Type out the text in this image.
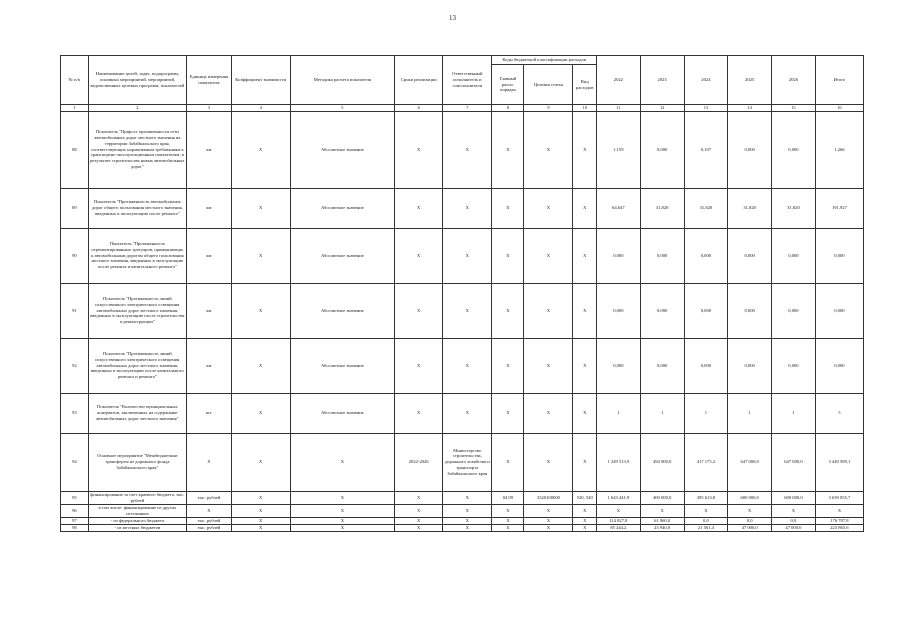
13
№ п/п	Наименование целей, задач, подпрограмм, основных мероприятий, мероприятий, ведомственных целевых программ, показателей	Единица измерения показателя	Коэффициент значимости	Методика расчета показателя	Сроки реализации	Ответственный исполнитель и соисполнители	Коды бюджетной классификации расходов			2022	2023	2024	2025	2026	Итого
							Главный распо. порядка	Целевая статья	Вид расходов						
1	2	3	4	5	6	7	8	9	10	11	12	13	14	15	16
88	Показатель "Прирост протяженности сети автомобильных дорог местного значения на территории Забайкальского края, соответствующих нормативным требованиям к транспортно-эксплуатационным показателям, в результате строительства новых автомобильных дорог"	км	Х	Абсолютное значение	Х	Х	Х	Х	Х	1,159	0,000	0,107	0,000	0,000	1,266
89	Показатель "Протяженность автомобильных дорог общего пользования местного значения, введенных в эксплуатацию после ремонта"	км	Х	Абсолютное значение	Х	Х	Х	Х	Х	64,647	31,820	31,820	31,820	31,820	191,927
90	Показатель "Протяженность отремонтированных тротуаров, примыкающих к автомобильным дорогам общего пользования местного значения, введенных в эксплуатацию после ремонта и капитального ремонта"	км	Х	Абсолютное значение	Х	Х	Х	Х	Х	0,000	0,000	0,000	0,000	0,000	0,000
91	Показатель "Протяженность линий искусственного электрического освещения автомобильных дорог местного значения, введенных в эксплуатацию после строительства и реконструкции"	км	Х	Абсолютное значение	Х	Х	Х	Х	Х	0,000	0,000	0,000	0,000	0,000	0,000
92	Показатель "Протяженность линий искусственного электрического освещения автомобильных дорог местного значения, введенных в эксплуатацию после капитального ремонта и ремонта"	км	Х	Абсолютное значение	Х	Х	Х	Х	Х	0,000	0,000	0,000	0,000	0,000	0,000
93	Показатель "Количество муниципальных контрактов, заключенных на содержание автомобильных дорог местного значения"	шт.	Х	Абсолютное значение	Х	Х	Х	Х	Х	1	1	1	1	1	5
94	Основное мероприятие "Межбюджетные трансферты из дорожного фонда Забайкальского края"	Х	Х	Х	2022-2026	Министерство строительства, дорожного хозяйства и транспорта Забайкальского края	Х	Х	Х	1 249 513,9	494 900,0	417 175,2	647 000,0	647 000,0	3 449 589,1
95	финансирование за счет краевого бюджета, тыс. рублей	тыс. рублей	Х	Х	Х	Х	04 09	3320100000	520, 540	1 643 441,9	400 000,0	395 613,8	600 000,0	600 000,0	3 639 055,7
96	в том числе: финансирование из других источников	Х	Х	Х	Х	Х	Х	Х	Х	Х	Х	Х	Х	Х	Х
97	- из федерального бюджета	тыс. рублей	Х	Х	Х	Х	Х	Х	Х	114 827,8	61 960,0	0,0	0,0	0,0	176 787,8
98	- из местных бюджетов	тыс. рублей	Х	Х	Х	Х	Х	Х	Х	85 244,2	23 940,0	21 561,4	47 000,0	47 000,0	223 865,6
